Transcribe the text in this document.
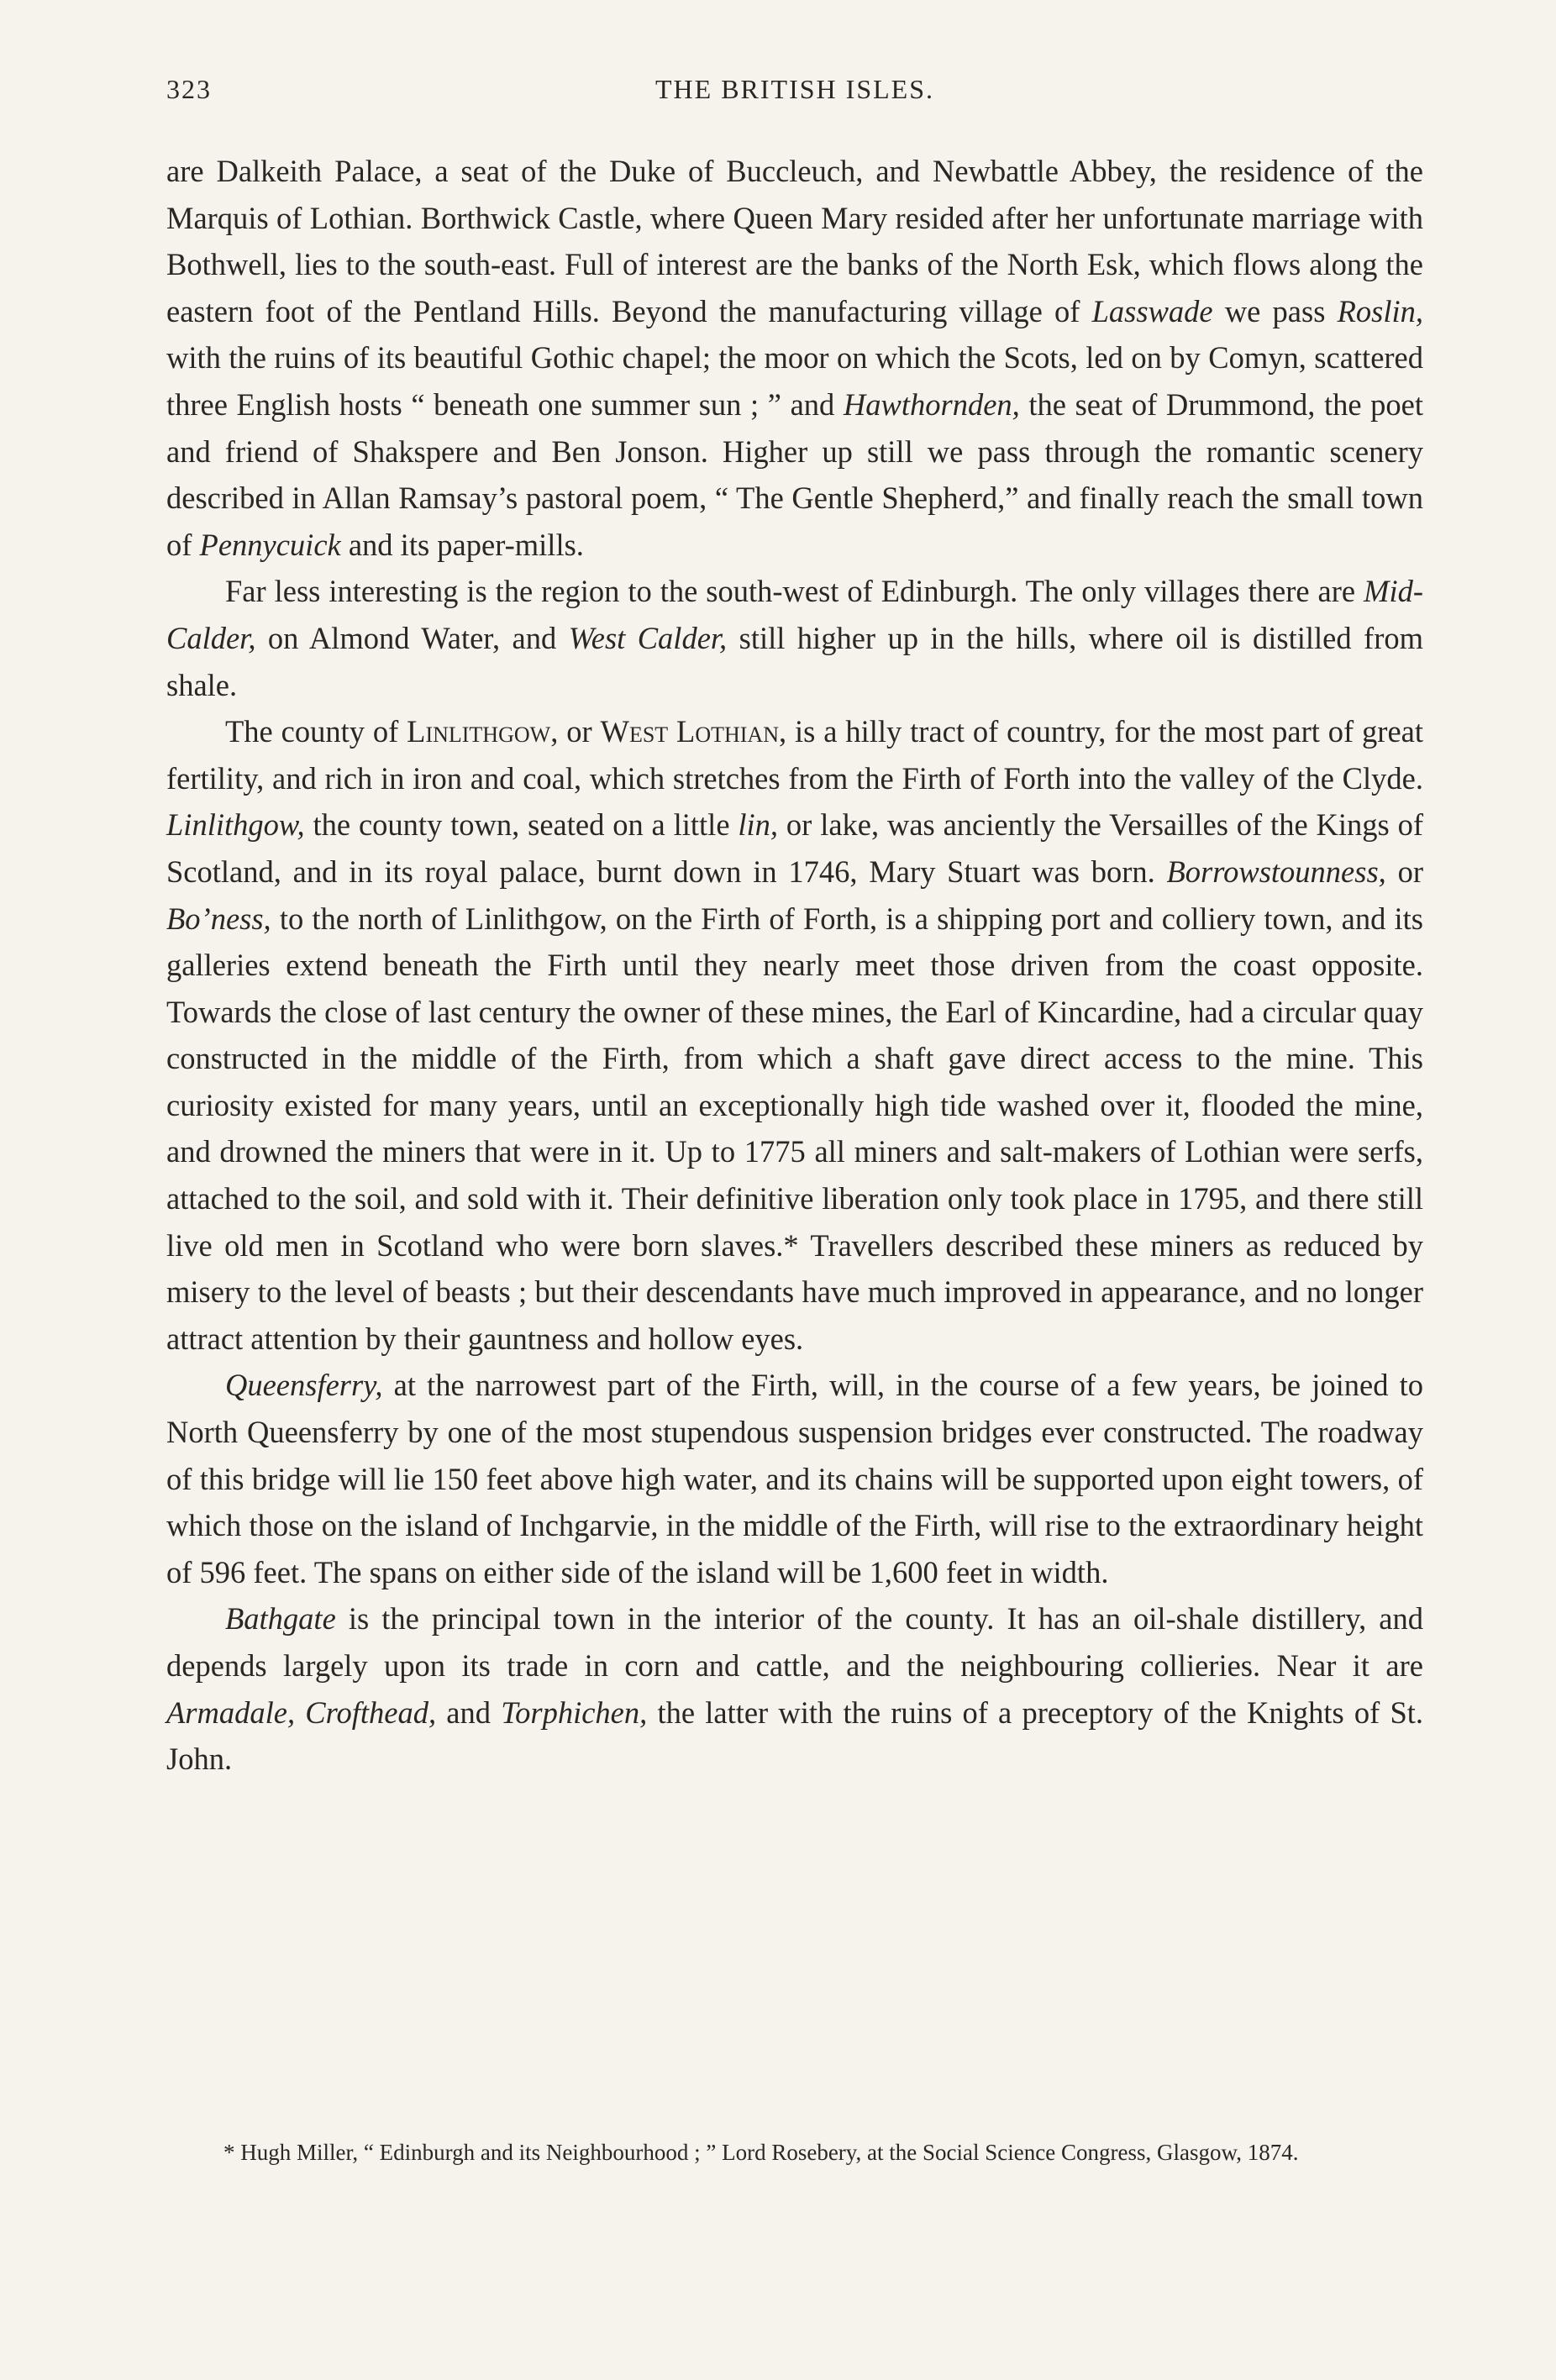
323	THE BRITISH ISLES.

are Dalkeith Palace, a seat of the Duke of Buccleuch, and Newbattle Abbey, the residence of the Marquis of Lothian. Borthwick Castle, where Queen Mary resided after her unfortunate marriage with Bothwell, lies to the south-east. Full of interest are the banks of the North Esk, which flows along the eastern foot of the Pentland Hills. Beyond the manufacturing village of Lasswade we pass Roslin, with the ruins of its beautiful Gothic chapel; the moor on which the Scots, led on by Comyn, scattered three English hosts “ beneath one summer sun ; ” and Hawthornden, the seat of Drummond, the poet and friend of Shakspere and Ben Jonson. Higher up still we pass through the romantic scenery described in Allan Ramsay’s pastoral poem, “ The Gentle Shepherd,” and finally reach the small town of Pennycuick and its paper-mills.

Far less interesting is the region to the south-west of Edinburgh. The only villages there are Mid-Calder, on Almond Water, and West Calder, still higher up in the hills, where oil is distilled from shale.

The county of Linlithgow, or West Lothian, is a hilly tract of country, for the most part of great fertility, and rich in iron and coal, which stretches from the Firth of Forth into the valley of the Clyde. Linlithgow, the county town, seated on a little lin, or lake, was anciently the Versailles of the Kings of Scotland, and in its royal palace, burnt down in 1746, Mary Stuart was born. Borrowstounness, or Bo’ness, to the north of Linlithgow, on the Firth of Forth, is a shipping port and colliery town, and its galleries extend beneath the Firth until they nearly meet those driven from the coast opposite. Towards the close of last century the owner of these mines, the Earl of Kincardine, had a circular quay constructed in the middle of the Firth, from which a shaft gave direct access to the mine. This curiosity existed for many years, until an exceptionally high tide washed over it, flooded the mine, and drowned the miners that were in it. Up to 1775 all miners and salt-makers of Lothian were serfs, attached to the soil, and sold with it. Their definitive liberation only took place in 1795, and there still live old men in Scotland who were born slaves.* Travellers described these miners as reduced by misery to the level of beasts ; but their descendants have much improved in appearance, and no longer attract attention by their gauntness and hollow eyes.

Queensferry, at the narrowest part of the Firth, will, in the course of a few years, be joined to North Queensferry by one of the most stupendous suspension bridges ever constructed. The roadway of this bridge will lie 150 feet above high water, and its chains will be supported upon eight towers, of which those on the island of Inchgarvie, in the middle of the Firth, will rise to the extraordinary height of 596 feet. The spans on either side of the island will be 1,600 feet in width.

Bathgate is the principal town in the interior of the county. It has an oil-shale distillery, and depends largely upon its trade in corn and cattle, and the neighbouring collieries. Near it are Armadale, Crofthead, and Torphichen, the latter with the ruins of a preceptory of the Knights of St. John.

* Hugh Miller, “ Edinburgh and its Neighbourhood ; ” Lord Rosebery, at the Social Science Congress, Glasgow, 1874.
